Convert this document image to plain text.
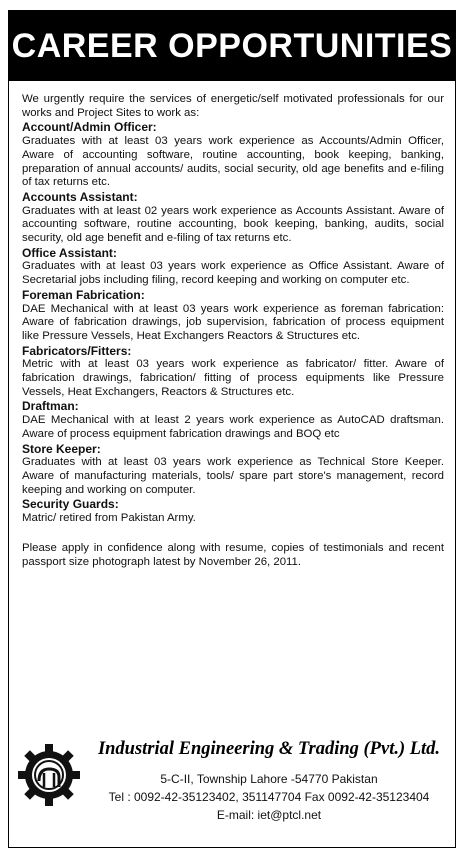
CAREER OPPORTUNITIES

We urgently require the services of energetic/self motivated professionals for our works and Project Sites to work as:

Account/Admin Officer:
Graduates with at least 03 years work experience as Accounts/Admin Officer, Aware of accounting software, routine accounting, book keeping, banking, preparation of annual accounts/ audits, social security, old age benefits and e-filing of tax returns etc.
Accounts Assistant:
Graduates with at least 02 years work experience as Accounts Assistant. Aware of accounting software, routine accounting, book keeping, banking, audits, social security, old age benefit and e-filing of tax returns etc.
Office Assistant:
Graduates with at least 03 years work experience as Office Assistant. Aware of Secretarial jobs including filing, record keeping and working on computer etc.
Foreman Fabrication:
DAE Mechanical with at least 03 years work experience as foreman fabrication: Aware of fabrication drawings, job supervision, fabrication of process equipment like Pressure Vessels, Heat Exchangers Reactors & Structures etc.
Fabricators/Fitters:
Metric with at least 03 years work experience as fabricator/ fitter. Aware of fabrication drawings, fabrication/ fitting of process equipments like Pressure Vessels, Heat Exchangers, Reactors & Structures etc.
Draftman:
DAE Mechanical with at least 2 years work experience as AutoCAD draftsman. Aware of process equipment fabrication drawings and BOQ etc
Store Keeper:
Graduates with at least 03 years work experience as Technical Store Keeper. Aware of manufacturing materials, tools/ spare part store's management, record keeping and working on computer.
Security Guards:
Matric/ retired from Pakistan Army.

Please apply in confidence along with resume, copies of testimonials and recent passport size photograph latest by November 26, 2011.

Industrial Engineering & Trading (Pvt.) Ltd.
5-C-II, Township Lahore -54770 Pakistan
Tel : 0092-42-35123402, 351147704 Fax 0092-42-35123404
E-mail: iet@ptcl.net
